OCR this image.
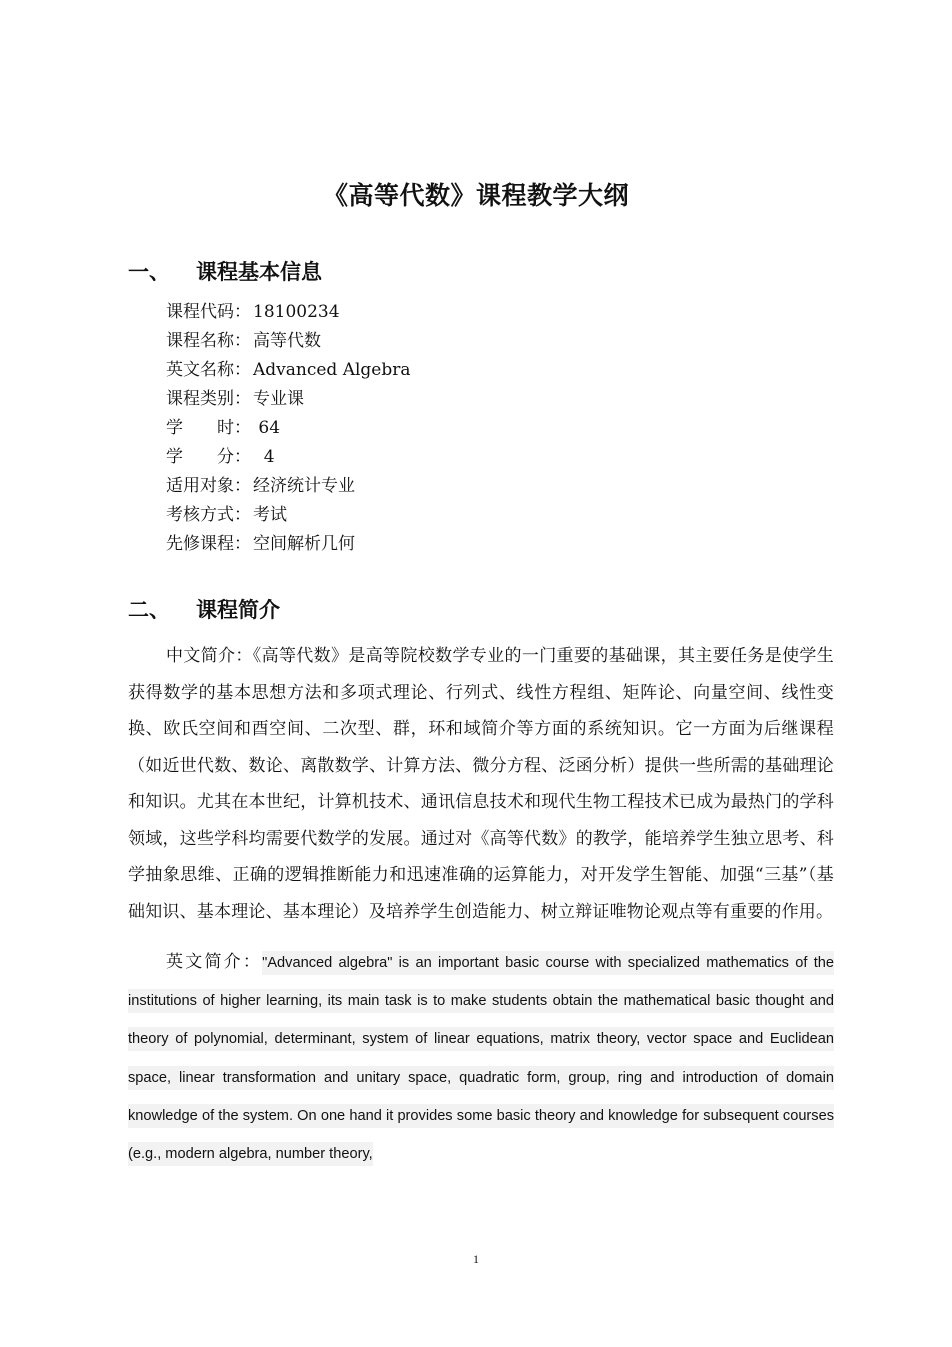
《高等代数》课程教学大纲
一、 课程基本信息
课程代码： 18100234
课程名称： 高等代数
英文名称： Advanced Algebra
课程类别： 专业课
学　　时： 64
学　　分：  4
适用对象： 经济统计专业
考核方式： 考试
先修课程： 空间解析几何
二、 课程简介

中文简介：《高等代数》是高等院校数学专业的一门重要的基础课，其主要任务是使学生获得数学的基本思想方法和多项式理论、行列式、线性方程组、矩阵论、向量空间、线性变换、欧氏空间和酉空间、二次型、群，环和域简介等方面的系统知识。它一方面为后继课程（如近世代数、数论、离散数学、计算方法、微分方程、泛函分析）提供一些所需的基础理论和知识。尤其在本世纪，计算机技术、通讯信息技术和现代生物工程技术已成为最热门的学科领域，这些学科均需要代数学的发展。通过对《高等代数》的教学，能培养学生独立思考、科学抽象思维、正确的逻辑推断能力和迅速准确的运算能力，对开发学生智能、加强“三基”（基础知识、基本理论、基本理论）及培养学生创造能力、树立辩证唯物论观点等有重要的作用。

英文简介："Advanced algebra" is an important basic course with specialized mathematics of the institutions of higher learning, its main task is to make students obtain the mathematical basic thought and theory of polynomial, determinant, system of linear equations, matrix theory, vector space and Euclidean space, linear transformation and unitary space, quadratic form, group, ring and introduction of domain knowledge of the system. On one hand it provides some basic theory and knowledge for subsequent courses (e.g., modern algebra, number theory,

1
